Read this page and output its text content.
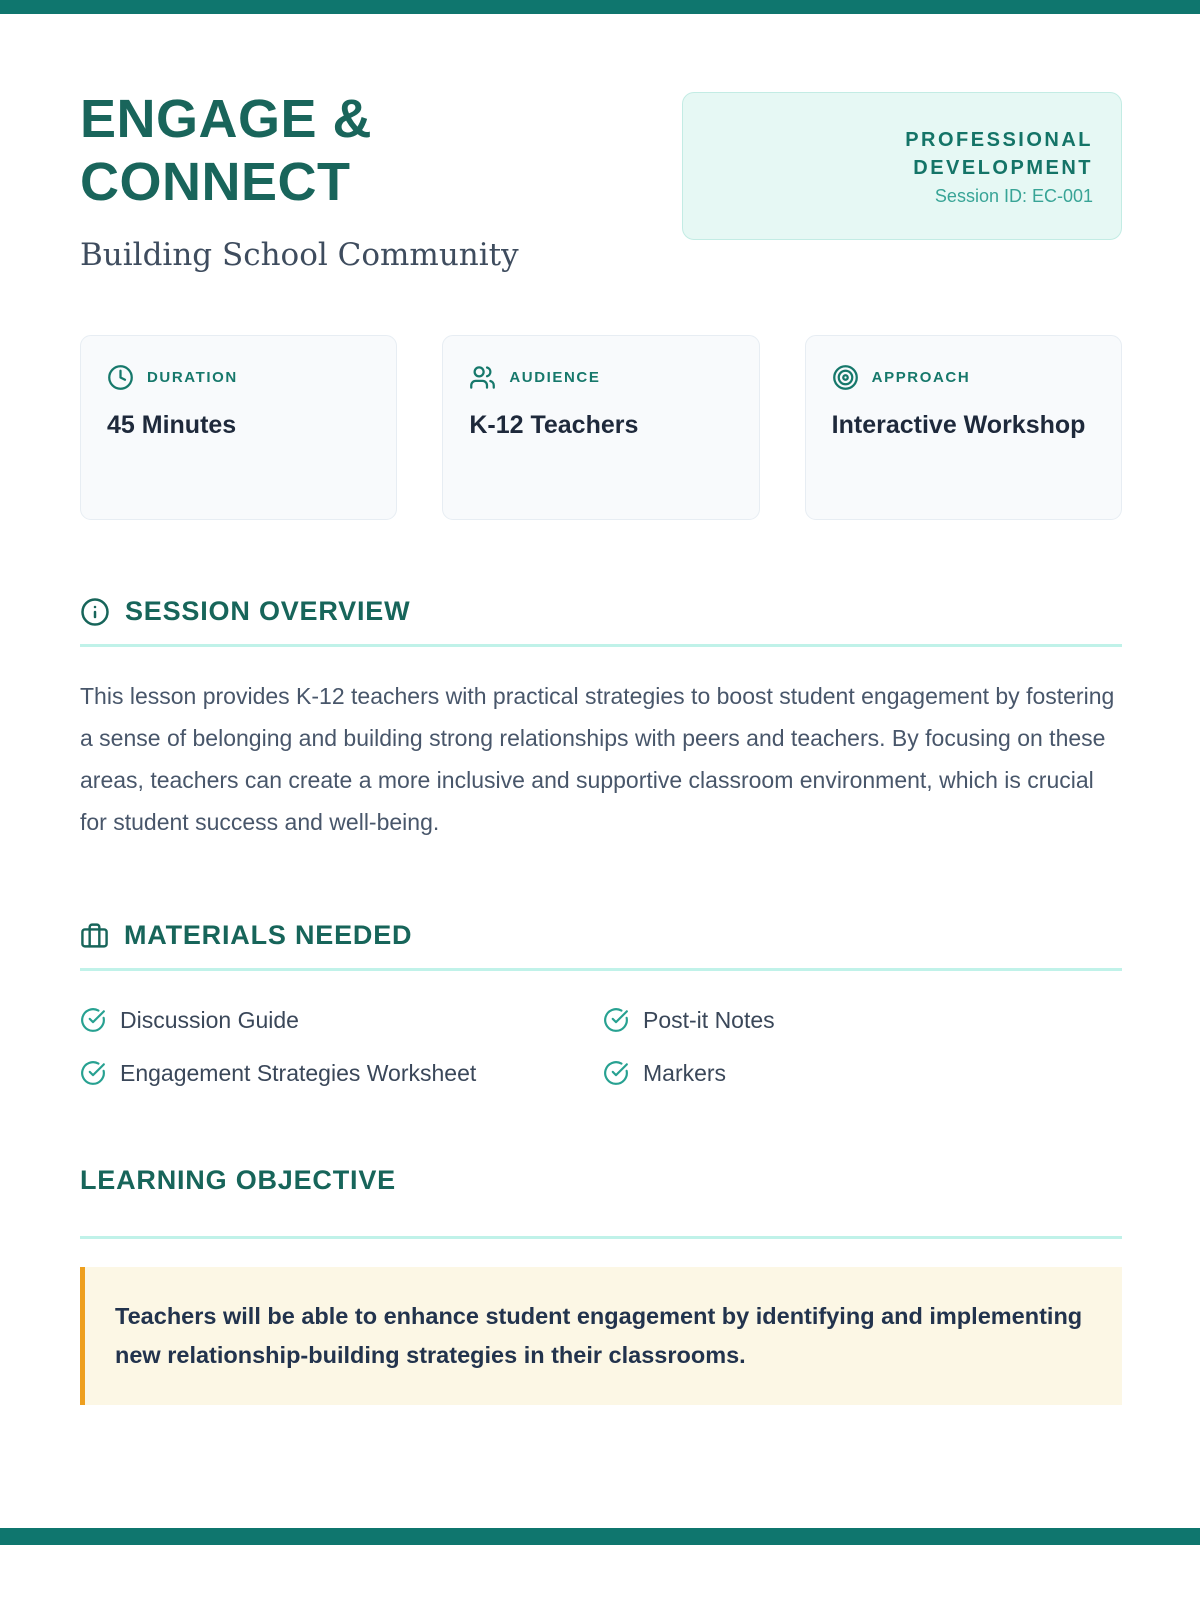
ENGAGE & CONNECT
Building School Community
PROFESSIONAL
DEVELOPMENT
Session ID: EC-001
DURATION
45 Minutes
AUDIENCE
K-12 Teachers
APPROACH
Interactive Workshop
SESSION OVERVIEW

This lesson provides K-12 teachers with practical strategies to boost student engagement by fostering a sense of belonging and building strong relationships with peers and teachers. By focusing on these areas, teachers can create a more inclusive and supportive classroom environment, which is crucial for student success and well-being.

MATERIALS NEEDED
Discussion Guide
Engagement Strategies Worksheet
Post-it Notes
Markers
LEARNING OBJECTIVE

Teachers will be able to enhance student engagement by identifying and implementing new relationship-building strategies in their classrooms.
